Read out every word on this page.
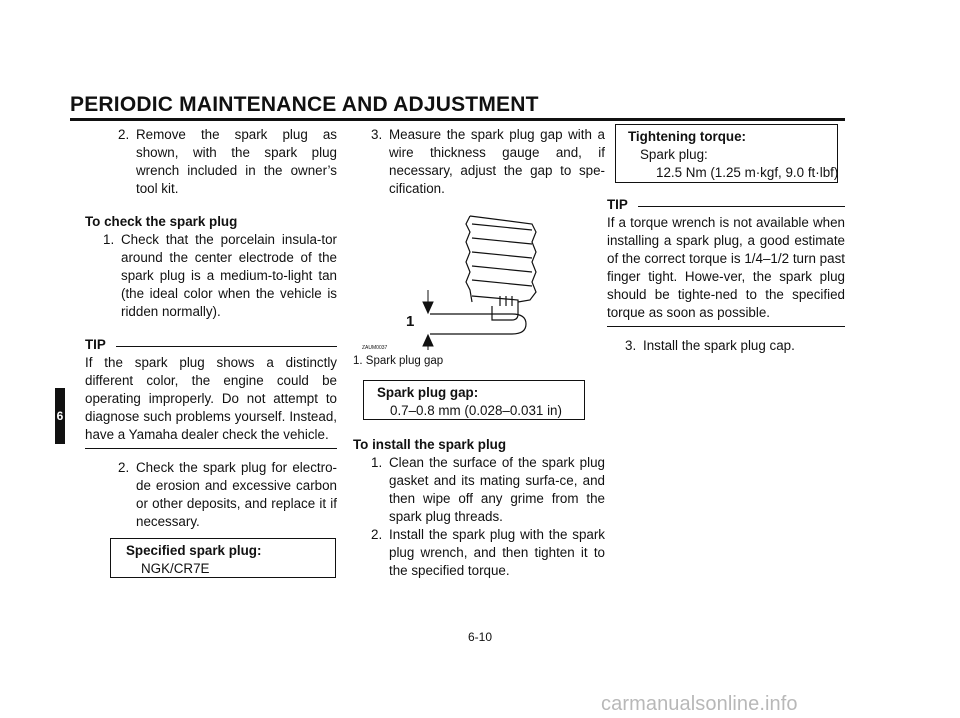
PERIODIC MAINTENANCE AND ADJUSTMENT
6

2. Remove the spark plug as shown, with the spark plug wrench included in the owner’s tool kit.

To check the spark plug

1. Check that the porcelain insula-tor around the center electrode of the spark plug is a medium-to-light tan (the ideal color when the vehicle is ridden normally).

TIP

If the spark plug shows a distinctly different color, the engine could be operating improperly. Do not attempt to diagnose such problems yourself. Instead, have a Yamaha dealer check the vehicle.

2. Check the spark plug for electro-de erosion and excessive carbon or other deposits, and replace it if necessary.

Specified spark plug:
NGK/CR7E

3. Measure the spark plug gap with a wire thickness gauge and, if necessary, adjust the gap to spe-cification.

1
ZAUM0037
1. Spark plug gap
Spark plug gap:
0.7–0.8 mm (0.028–0.031 in)

To install the spark plug

1. Clean the surface of the spark plug gasket and its mating surfa-ce, and then wipe off any grime from the spark plug threads.

2. Install the spark plug with the spark plug wrench, and then tighten it to the specified torque.

Tightening torque:
Spark plug:
12.5 Nm (1.25 m·kgf, 9.0 ft·lbf)
TIP

If a torque wrench is not available when installing a spark plug, a good estimate of the correct torque is 1/4–1/2 turn past finger tight. Howe-ver, the spark plug should be tighte-ned to the specified torque as soon as possible.

3. Install the spark plug cap.

6-10
carmanualsonline.info
